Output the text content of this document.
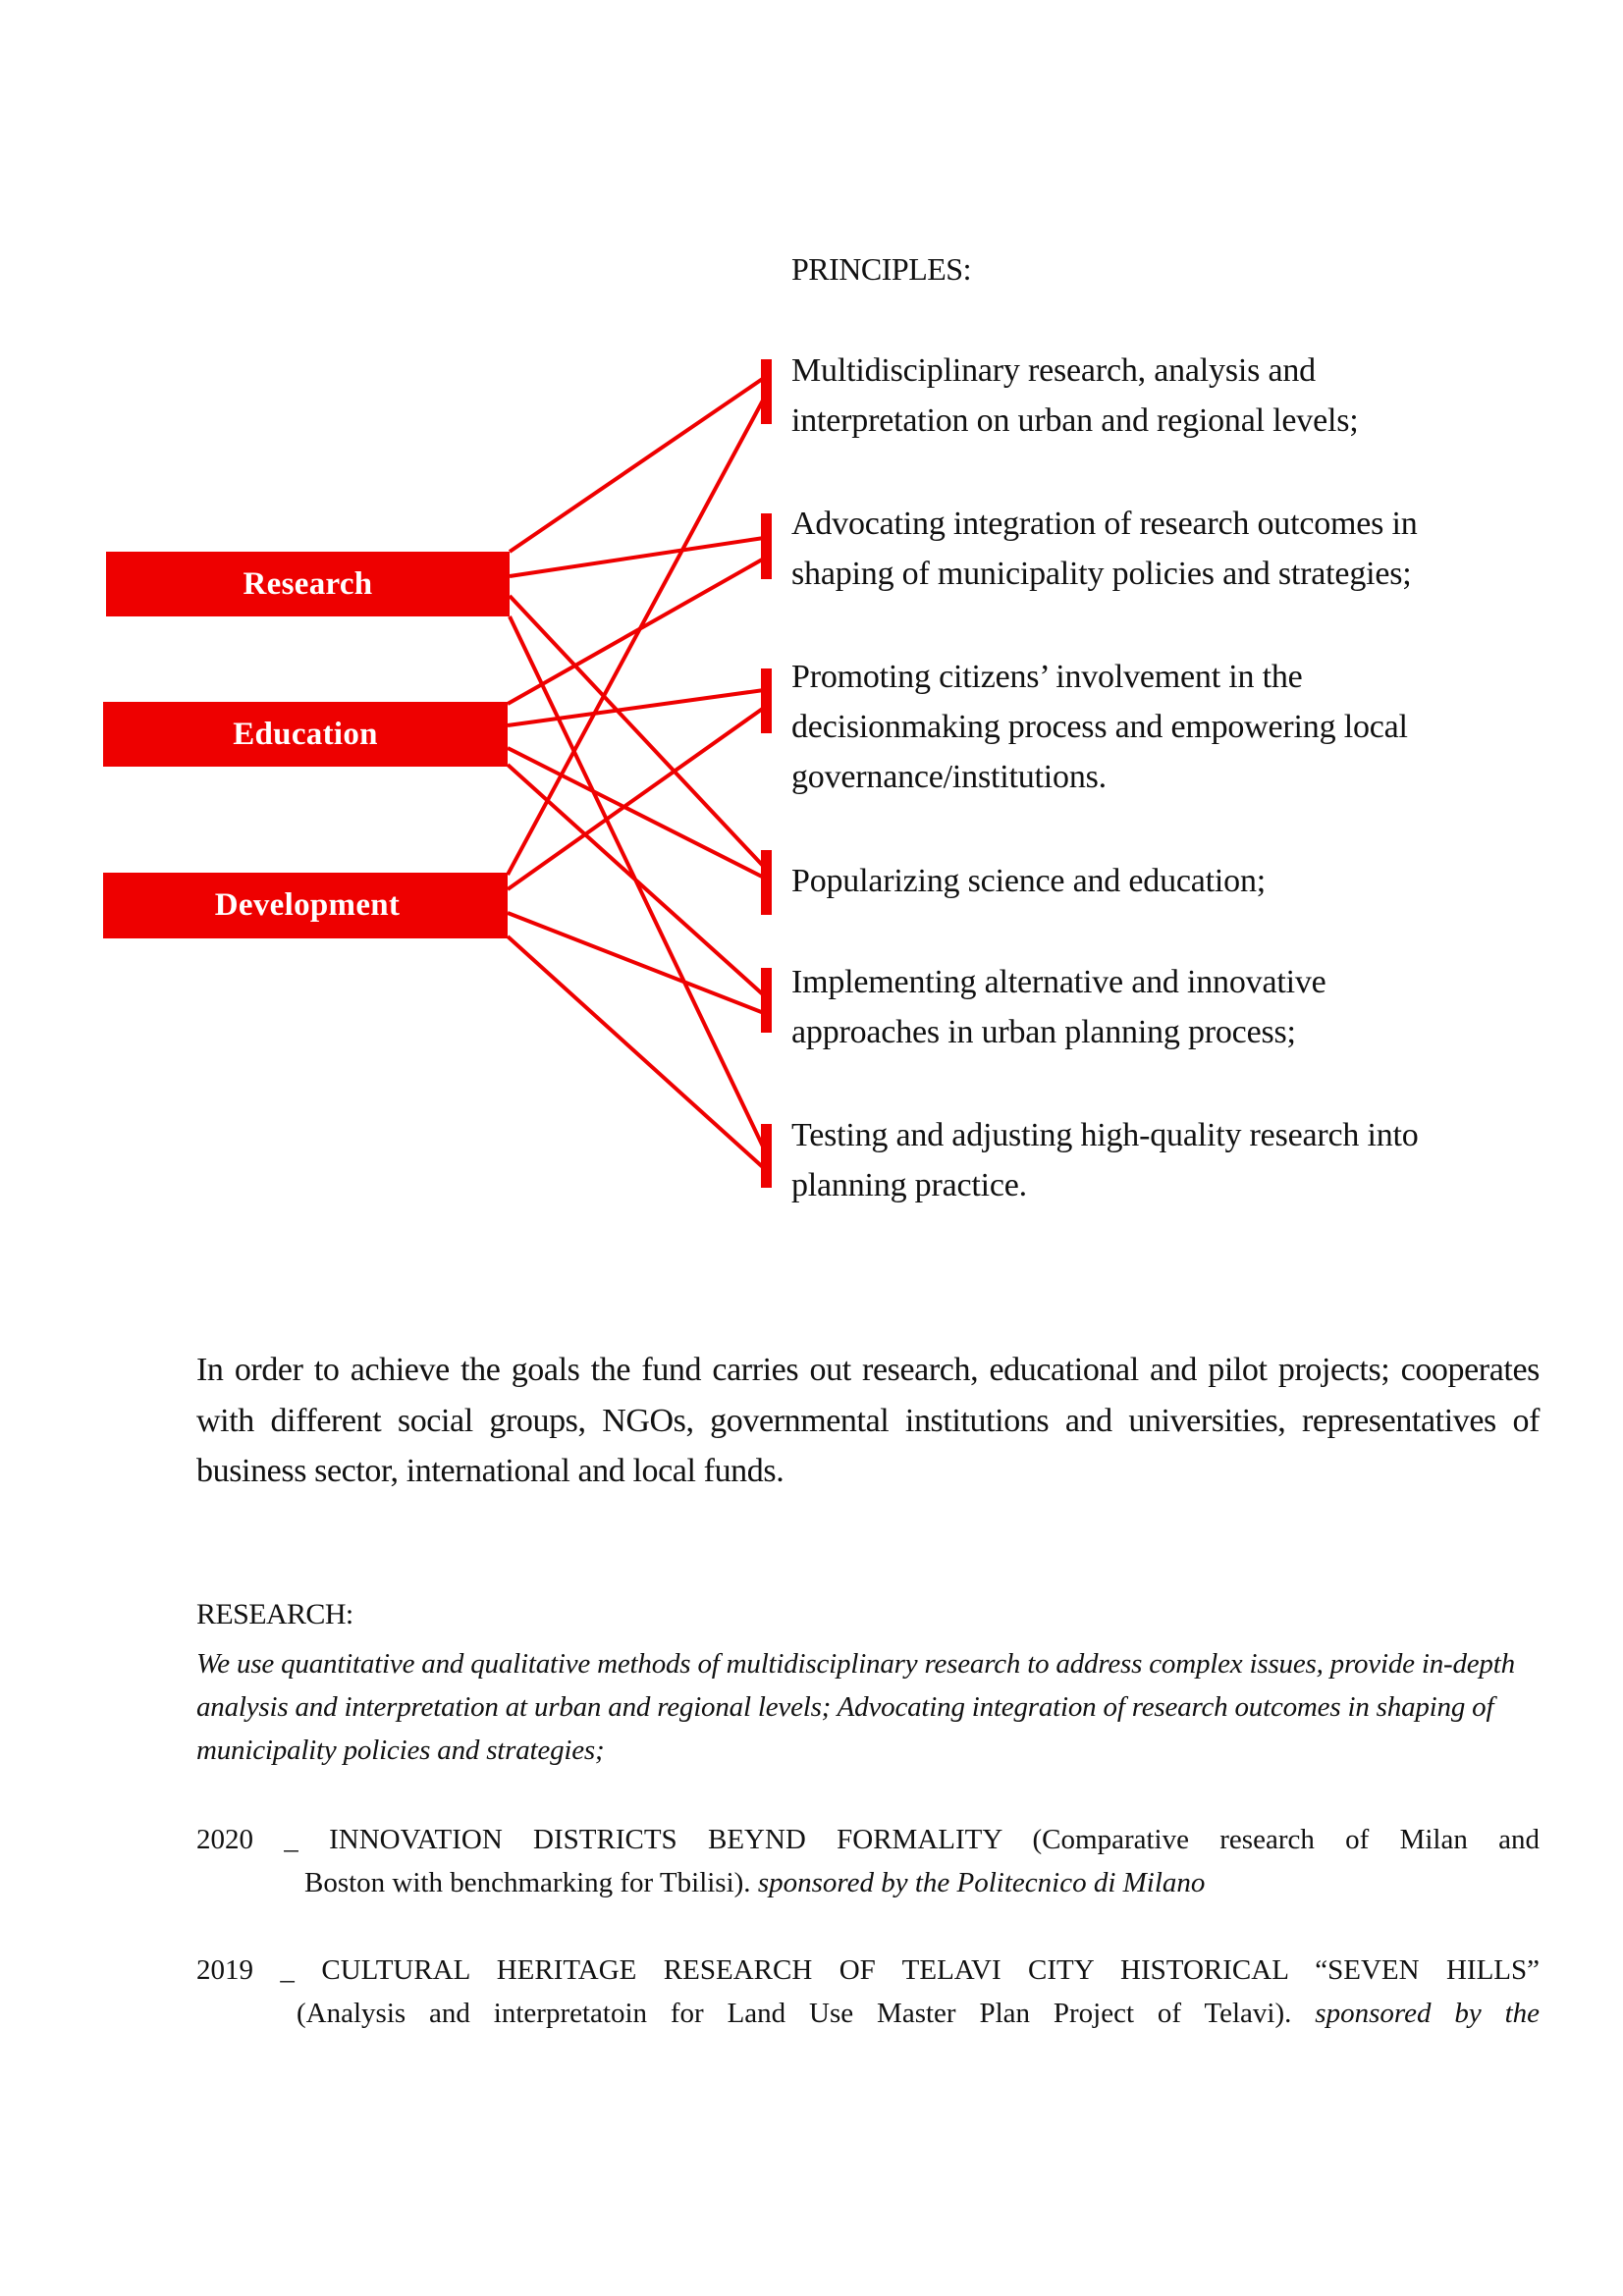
Research
Education
Development
PRINCIPLES:
Multidisciplinary research, analysis and
interpretation on urban and regional levels;
Advocating integration of research outcomes in
shaping of municipality policies and strategies;
Promoting citizens’ involvement in the
decisionmaking process and empowering local
governance/institutions.
Popularizing science and education;
Implementing alternative and innovative
approaches in urban planning process;
Testing and adjusting high-quality research into
planning practice.
In order to achieve the goals the fund carries out research, educational and pilot projects; cooperates with different social groups, NGOs, governmental institutions and universities, representatives of business sector, international and local funds.
RESEARCH:
We use quantitative and qualitative methods of multidisciplinary research to address complex issues, provide in-depth analysis and interpretation at urban and regional levels; Advocating integration of research outcomes in shaping of municipality policies and strategies;
2020 _ INNOVATION DISTRICTS BEYND FORMALITY (Comparative research of Milan and
Boston with benchmarking for Tbilisi). sponsored by the Politecnico di Milano
2019 _ CULTURAL HERITAGE RESEARCH OF TELAVI CITY HISTORICAL “SEVEN HILLS”
(Analysis and interpretatoin for Land Use Master Plan Project of Telavi). sponsored by the
